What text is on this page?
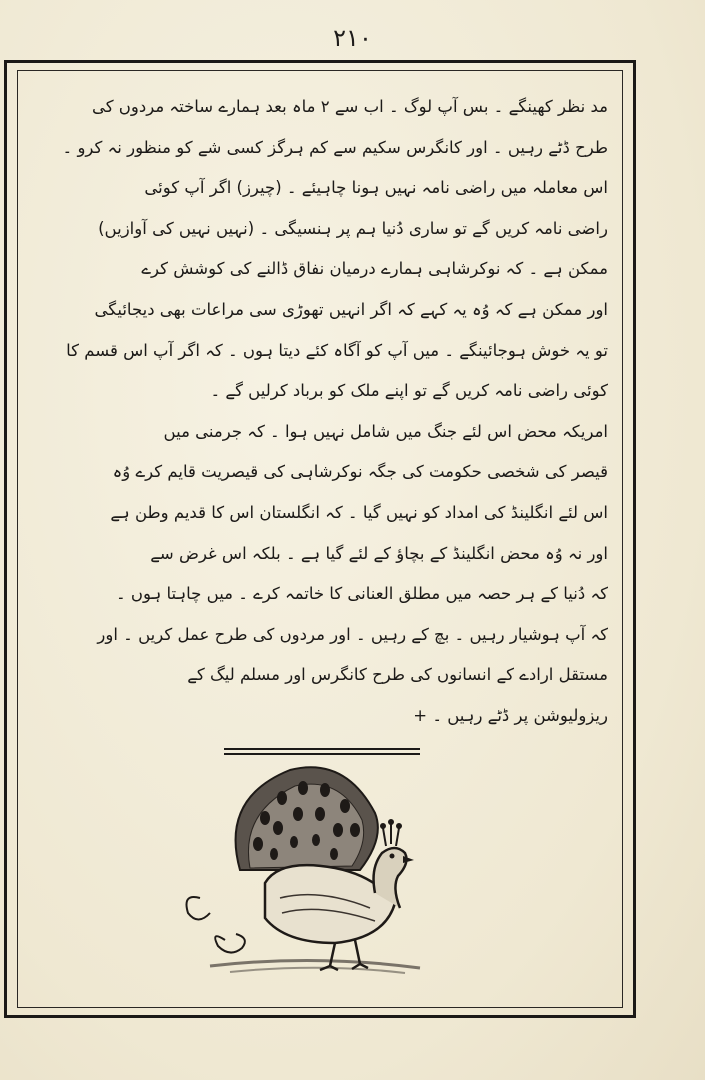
۲۱۰
مد نظر کھینگے ۔ بس آپ لوگ ۔ اب سے ۲ ماہ بعد ہمارے ساختہ مردوں کی
طرح ڈٹے رہیں ۔ اور کانگرس سکیم سے کم ہرگز کسی شے کو منظور نہ کرو ۔
اس معاملہ میں راضی نامہ نہیں ہونا چاہیئے ۔ (چیرز) اگر آپ کوئی
راضی نامہ کریں گے تو ساری دُنیا ہم پر ہنسیگی ۔ (نہیں نہیں کی آوازیں)
ممکن ہے ۔ کہ نوکرشاہی ہمارے درمیان نفاق ڈالنے کی کوشش کرے
اور ممکن ہے کہ وُہ یہ کہے کہ اگر انہیں تھوڑی سی مراعات بھی دیجائیگی
تو یہ خوش ہوجائینگے ۔ میں آپ کو آگاہ کئے دیتا ہوں ۔ کہ اگر آپ اس قسم کا
کوئی راضی نامہ کریں گے تو اپنے ملک کو برباد کرلیں گے ۔
امریکہ محض اس لئے جنگ میں شامل نہیں ہوا ۔ کہ جرمنی میں
قیصر کی شخصی حکومت کی جگہ نوکرشاہی کی قیصریت قایم کرے وُہ
اس لئے انگلینڈ کی امداد کو نہیں گیا ۔ کہ انگلستان اس کا قدیم وطن ہے
اور نہ وُہ محض انگلینڈ کے بچاؤ کے لئے گیا ہے ۔ بلکہ اس غرض سے
کہ دُنیا کے ہر حصہ میں مطلق العنانی کا خاتمہ کرے ۔ میں چاہتا ہوں ۔
کہ آپ ہوشیار رہیں ۔ بچ کے رہیں ۔ اور مردوں کی طرح عمل کریں ۔ اور
مستقل ارادے کے انسانوں کی طرح کانگرس اور مسلم لیگ کے
ریزولیوشن پر ڈٹے رہیں ۔ +
